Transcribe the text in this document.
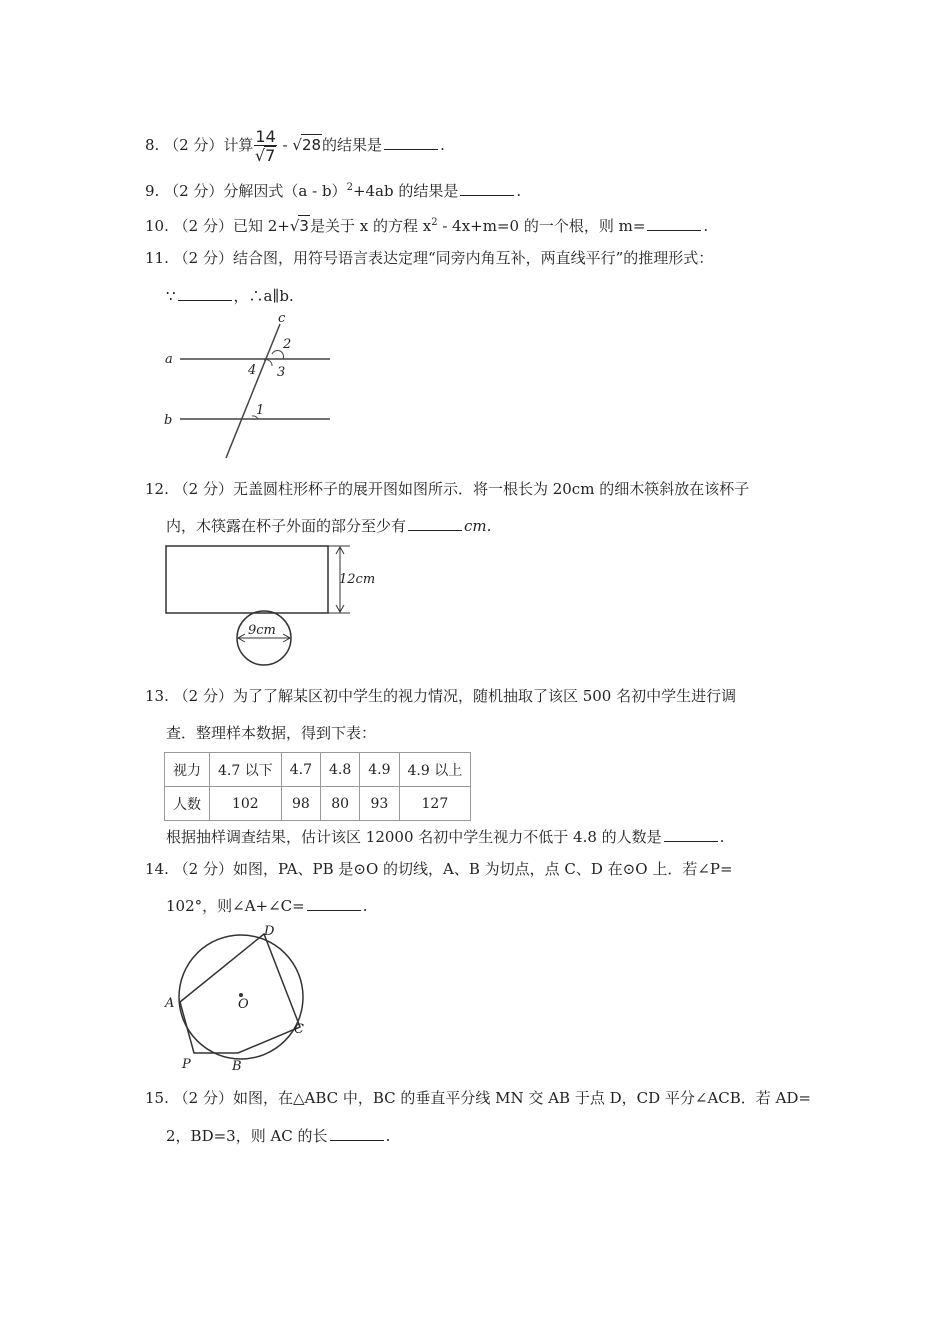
8. （2 分）计算 $\frac{14}{√7} - √28$的结果是	.
9. （2 分）分解因式（a - b）$^2$+4ab 的结果是	.
10. （2 分）已知 2+√3是关于 x 的方程 $x^2 - 4x+m=0$ 的一个根，则 m=	.
11. （2 分）结合图，用符号语言表达定理“同旁内角互补，两直线平行”的推理形式：
∵	，∴a∥b.
c
a
b
2
4 3
1
12. （2 分）无盖圆柱形杯子的展开图如图所示．将一根长为 20cm 的细木筷斜放在该杯子
内，木筷露在杯子外面的部分至少有	cm.
12cm
9cm
13. （2 分）为了了解某区初中学生的视力情况，随机抽取了该区 500 名初中学生进行调
查．整理样本数据，得到下表：
视力	4.7 以下	4.7	4.8	4.9	4.9 以上
人数	102	98	80	93	127
根据抽样调查结果，估计该区 12000 名初中学生视力不低于 4.8 的人数是	.
14. （2 分）如图，PA、PB 是⊙O 的切线，A、B 为切点，点 C、D 在⊙O 上．若∠P=
102°，则∠A+∠C=	.
O
D
A
C
P	B
15. （2 分）如图，在△ABC 中，BC 的垂直平分线 MN 交 AB 于点 D，CD 平分∠ACB．若 AD=
2，BD=3，则 AC 的长	.
